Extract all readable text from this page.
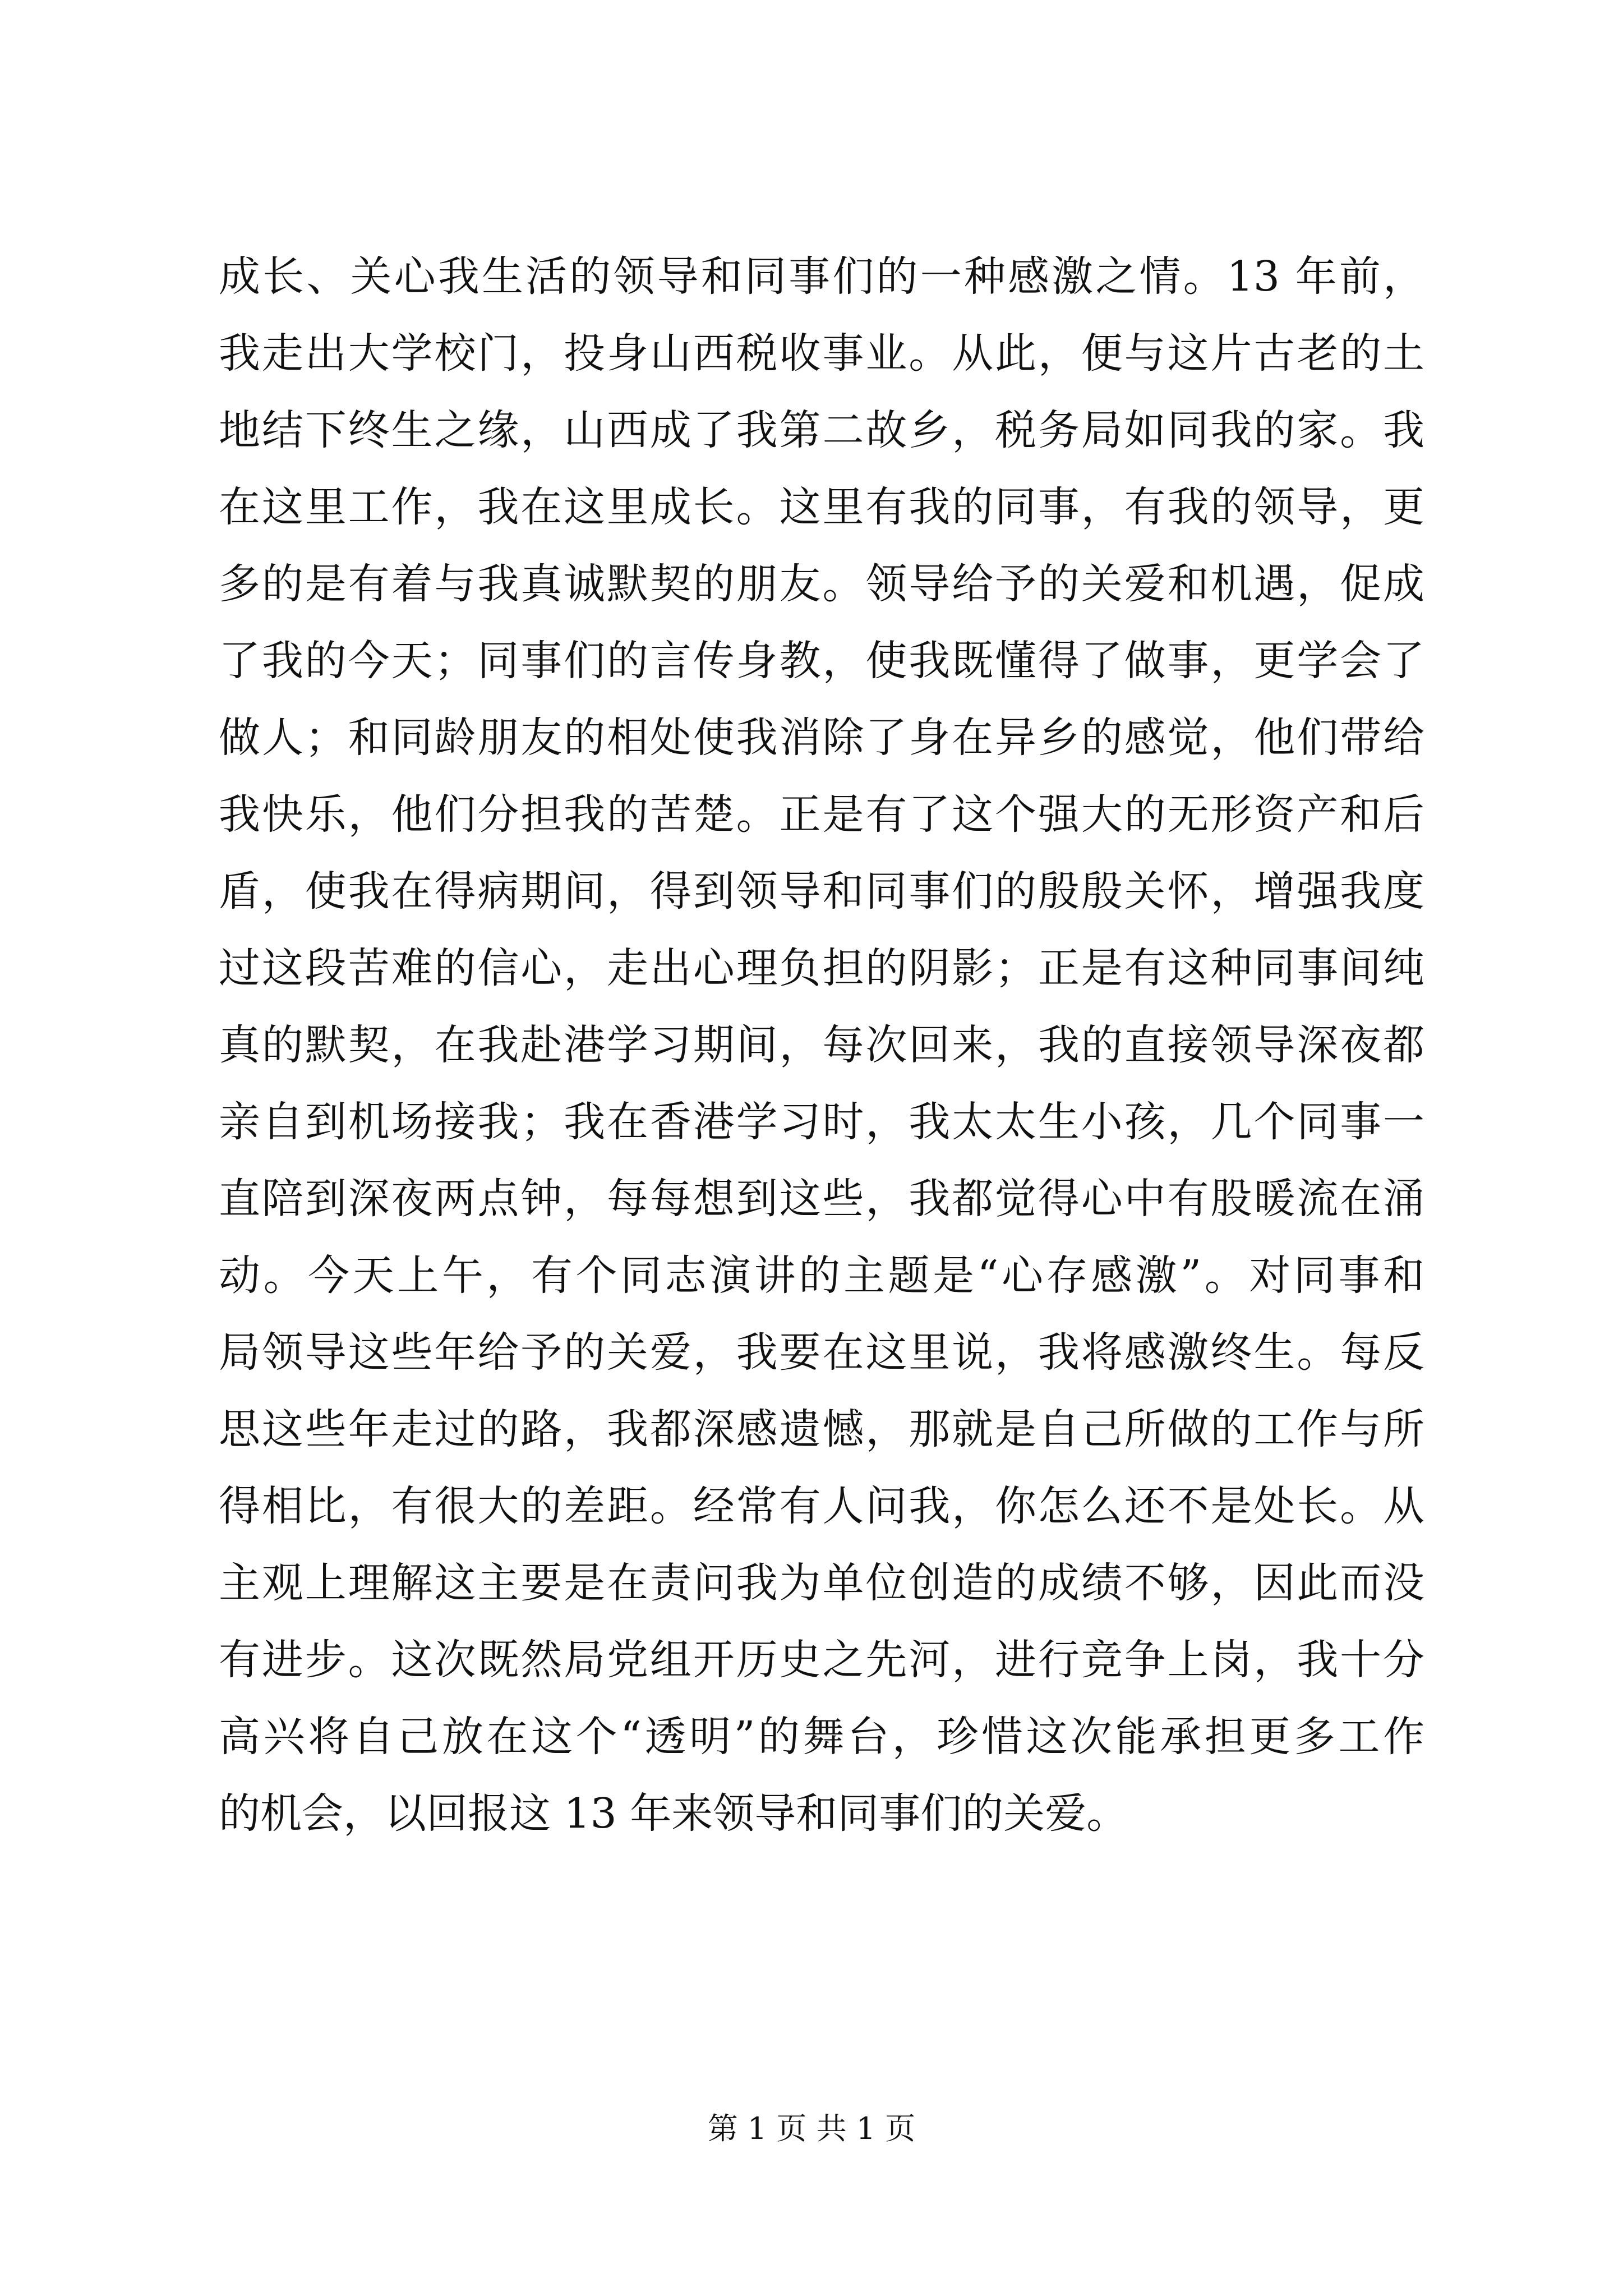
成长、关心我生活的领导和同事们的一种感激之情。13 年前，
我走出大学校门，投身山西税收事业。从此，便与这片古老的土
地结下终生之缘，山西成了我第二故乡，税务局如同我的家。我
在这里工作，我在这里成长。这里有我的同事，有我的领导，更
多的是有着与我真诚默契的朋友。领导给予的关爱和机遇，促成
了我的今天；同事们的言传身教，使我既懂得了做事，更学会了
做人；和同龄朋友的相处使我消除了身在异乡的感觉，他们带给
我快乐，他们分担我的苦楚。正是有了这个强大的无形资产和后
盾，使我在得病期间，得到领导和同事们的殷殷关怀，增强我度
过这段苦难的信心，走出心理负担的阴影；正是有这种同事间纯
真的默契，在我赴港学习期间，每次回来，我的直接领导深夜都
亲自到机场接我；我在香港学习时，我太太生小孩，几个同事一
直陪到深夜两点钟，每每想到这些，我都觉得心中有股暖流在涌
动。今天上午，有个同志演讲的主题是“心存感激”。对同事和
局领导这些年给予的关爱，我要在这里说，我将感激终生。每反
思这些年走过的路，我都深感遗憾，那就是自己所做的工作与所
得相比，有很大的差距。经常有人问我，你怎么还不是处长。从
主观上理解这主要是在责问我为单位创造的成绩不够，因此而没
有进步。这次既然局党组开历史之先河，进行竞争上岗，我十分
高兴将自己放在这个“透明”的舞台，珍惜这次能承担更多工作
的机会，以回报这 13 年来领导和同事们的关爱。
第 1 页 共 1 页
